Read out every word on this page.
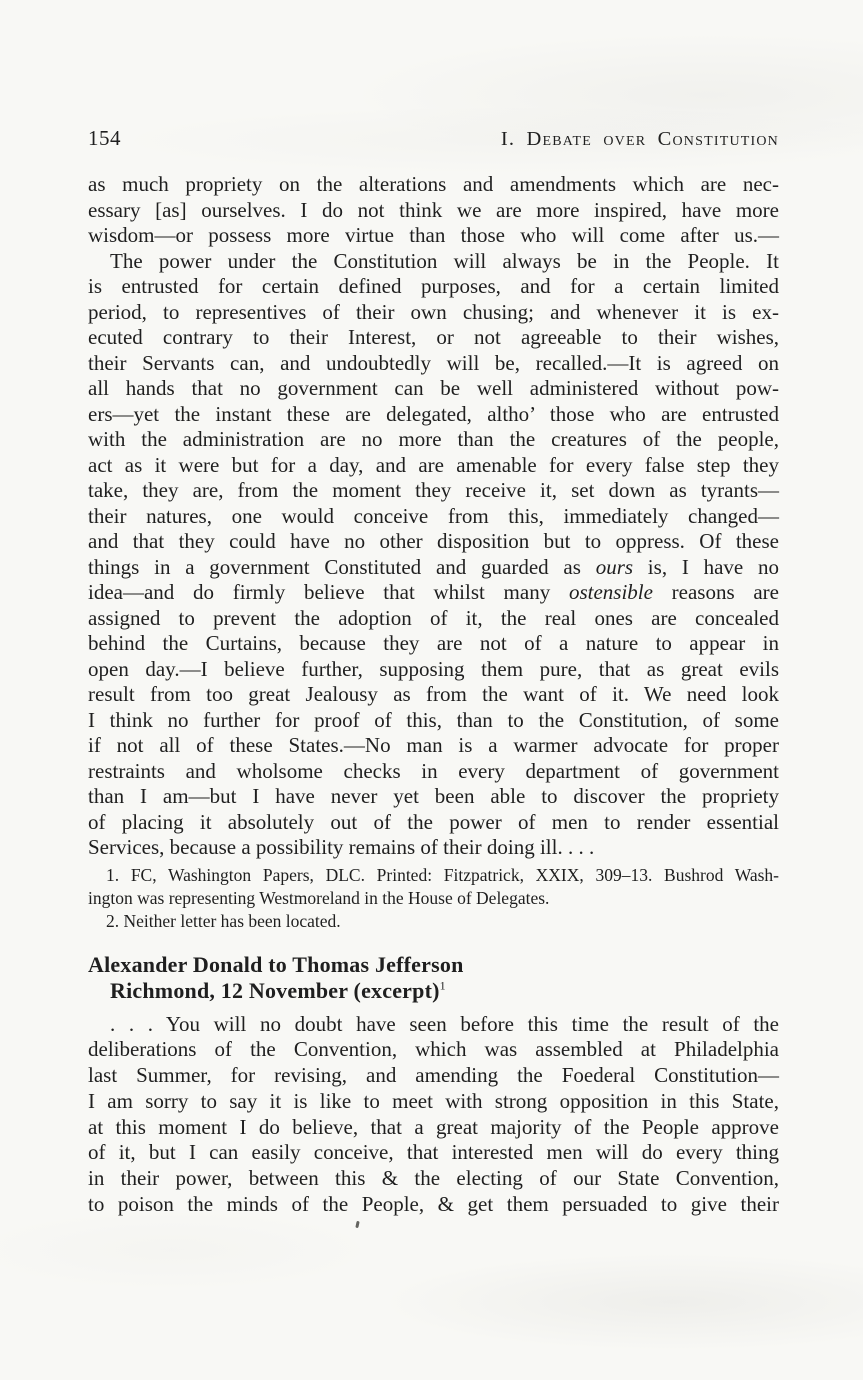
154	I. Debate over Constitution
as much propriety on the alterations and amendments which are nec-
essary [as] ourselves. I do not think we are more inspired, have more
wisdom—or possess more virtue than those who will come after us.—
The power under the Constitution will always be in the People. It
is entrusted for certain defined purposes, and for a certain limited
period, to representives of their own chusing; and whenever it is ex-
ecuted contrary to their Interest, or not agreeable to their wishes,
their Servants can, and undoubtedly will be, recalled.—It is agreed on
all hands that no government can be well administered without pow-
ers—yet the instant these are delegated, altho’ those who are entrusted
with the administration are no more than the creatures of the people,
act as it were but for a day, and are amenable for every false step they
take, they are, from the moment they receive it, set down as tyrants—
their natures, one would conceive from this, immediately changed—
and that they could have no other disposition but to oppress. Of these
things in a government Constituted and guarded as ours is, I have no
idea—and do firmly believe that whilst many ostensible reasons are
assigned to prevent the adoption of it, the real ones are concealed
behind the Curtains, because they are not of a nature to appear in
open day.—I believe further, supposing them pure, that as great evils
result from too great Jealousy as from the want of it. We need look
I think no further for proof of this, than to the Constitution, of some
if not all of these States.—No man is a warmer advocate for proper
restraints and wholsome checks in every department of government
than I am—but I have never yet been able to discover the propriety
of placing it absolutely out of the power of men to render essential
Services, because a possibility remains of their doing ill. . . .
1. FC, Washington Papers, DLC. Printed: Fitzpatrick, XXIX, 309–13. Bushrod Wash-
ington was representing Westmoreland in the House of Delegates.
2. Neither letter has been located.
Alexander Donald to Thomas Jefferson
Richmond, 12 November (excerpt)$^1$
. . . You will no doubt have seen before this time the result of the
deliberations of the Convention, which was assembled at Philadelphia
last Summer, for revising, and amending the Foederal Constitution—
I am sorry to say it is like to meet with strong opposition in this State,
at this moment I do believe, that a great majority of the People approve
of it, but I can easily conceive, that interested men will do every thing
in their power, between this & the electing of our State Convention,
to poison the minds of the People, & get them persuaded to give their
